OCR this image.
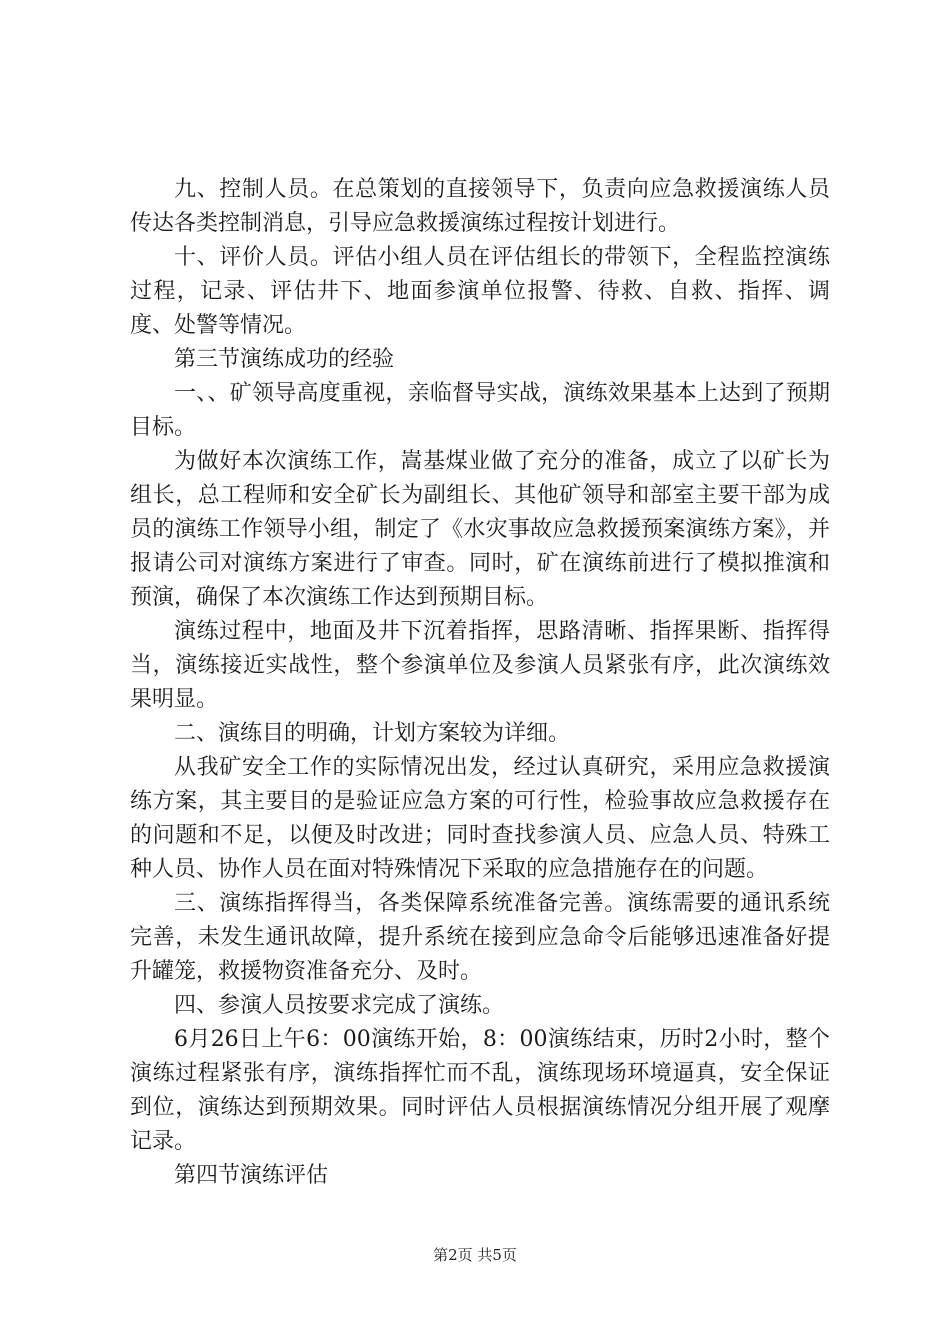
九、控制人员。在总策划的直接领导下，负责向应急救援演练人员传达各类控制消息，引导应急救援演练过程按计划进行。

十、评价人员。评估小组人员在评估组长的带领下，全程监控演练过程，记录、评估井下、地面参演单位报警、待救、自救、指挥、调度、处警等情况。

第三节演练成功的经验

一、、矿领导高度重视，亲临督导实战，演练效果基本上达到了预期目标。

为做好本次演练工作，嵩基煤业做了充分的准备，成立了以矿长为组长，总工程师和安全矿长为副组长、其他矿领导和部室主要干部为成员的演练工作领导小组，制定了《水灾事故应急救援预案演练方案》，并报请公司对演练方案进行了审查。同时，矿在演练前进行了模拟推演和预演，确保了本次演练工作达到预期目标。

演练过程中，地面及井下沉着指挥，思路清晰、指挥果断、指挥得当，演练接近实战性，整个参演单位及参演人员紧张有序，此次演练效果明显。

二、演练目的明确，计划方案较为详细。

从我矿安全工作的实际情况出发，经过认真研究，采用应急救援演练方案，其主要目的是验证应急方案的可行性，检验事故应急救援存在的问题和不足，以便及时改进；同时查找参演人员、应急人员、特殊工种人员、协作人员在面对特殊情况下采取的应急措施存在的问题。

三、演练指挥得当，各类保障系统准备完善。演练需要的通讯系统完善，未发生通讯故障，提升系统在接到应急命令后能够迅速准备好提升罐笼，救援物资准备充分、及时。

四、参演人员按要求完成了演练。

6月26日上午6：00演练开始，8：00演练结束，历时2小时，整个演练过程紧张有序，演练指挥忙而不乱，演练现场环境逼真，安全保证到位，演练达到预期效果。同时评估人员根据演练情况分组开展了观摩记录。

第四节演练评估

第2页 共5页
